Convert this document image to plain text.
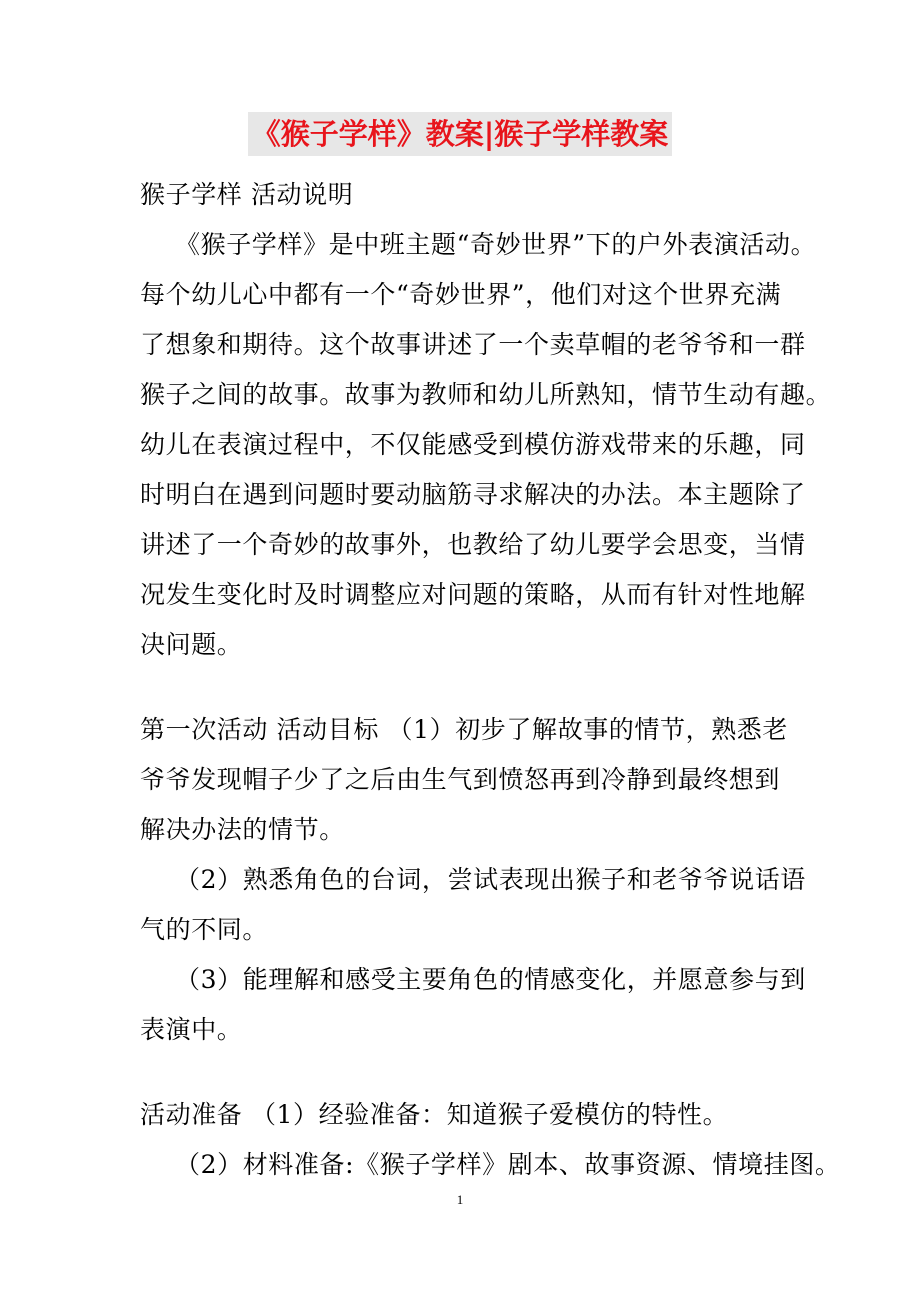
《猴子学样》教案|猴子学样教案
猴子学样 活动说明
《猴子学样》是中班主题“奇妙世界”下的户外表演活动。
每个幼儿心中都有一个“奇妙世界”，他们对这个世界充满
了想象和期待。这个故事讲述了一个卖草帽的老爷爷和一群
猴子之间的故事。故事为教师和幼儿所熟知，情节生动有趣。
幼儿在表演过程中，不仅能感受到模仿游戏带来的乐趣，同
时明白在遇到问题时要动脑筋寻求解决的办法。本主题除了
讲述了一个奇妙的故事外，也教给了幼儿要学会思变，当情
况发生变化时及时调整应对问题的策略，从而有针对性地解
决问题。
第一次活动 活动目标 （1）初步了解故事的情节，熟悉老
爷爷发现帽子少了之后由生气到愤怒再到冷静到最终想到
解决办法的情节。
（2）熟悉角色的台词，尝试表现出猴子和老爷爷说话语
气的不同。
（3）能理解和感受主要角色的情感变化，并愿意参与到
表演中。
活动准备 （1）经验准备：知道猴子爱模仿的特性。
（2）材料准备:《猴子学样》剧本、故事资源、情境挂图。
1
